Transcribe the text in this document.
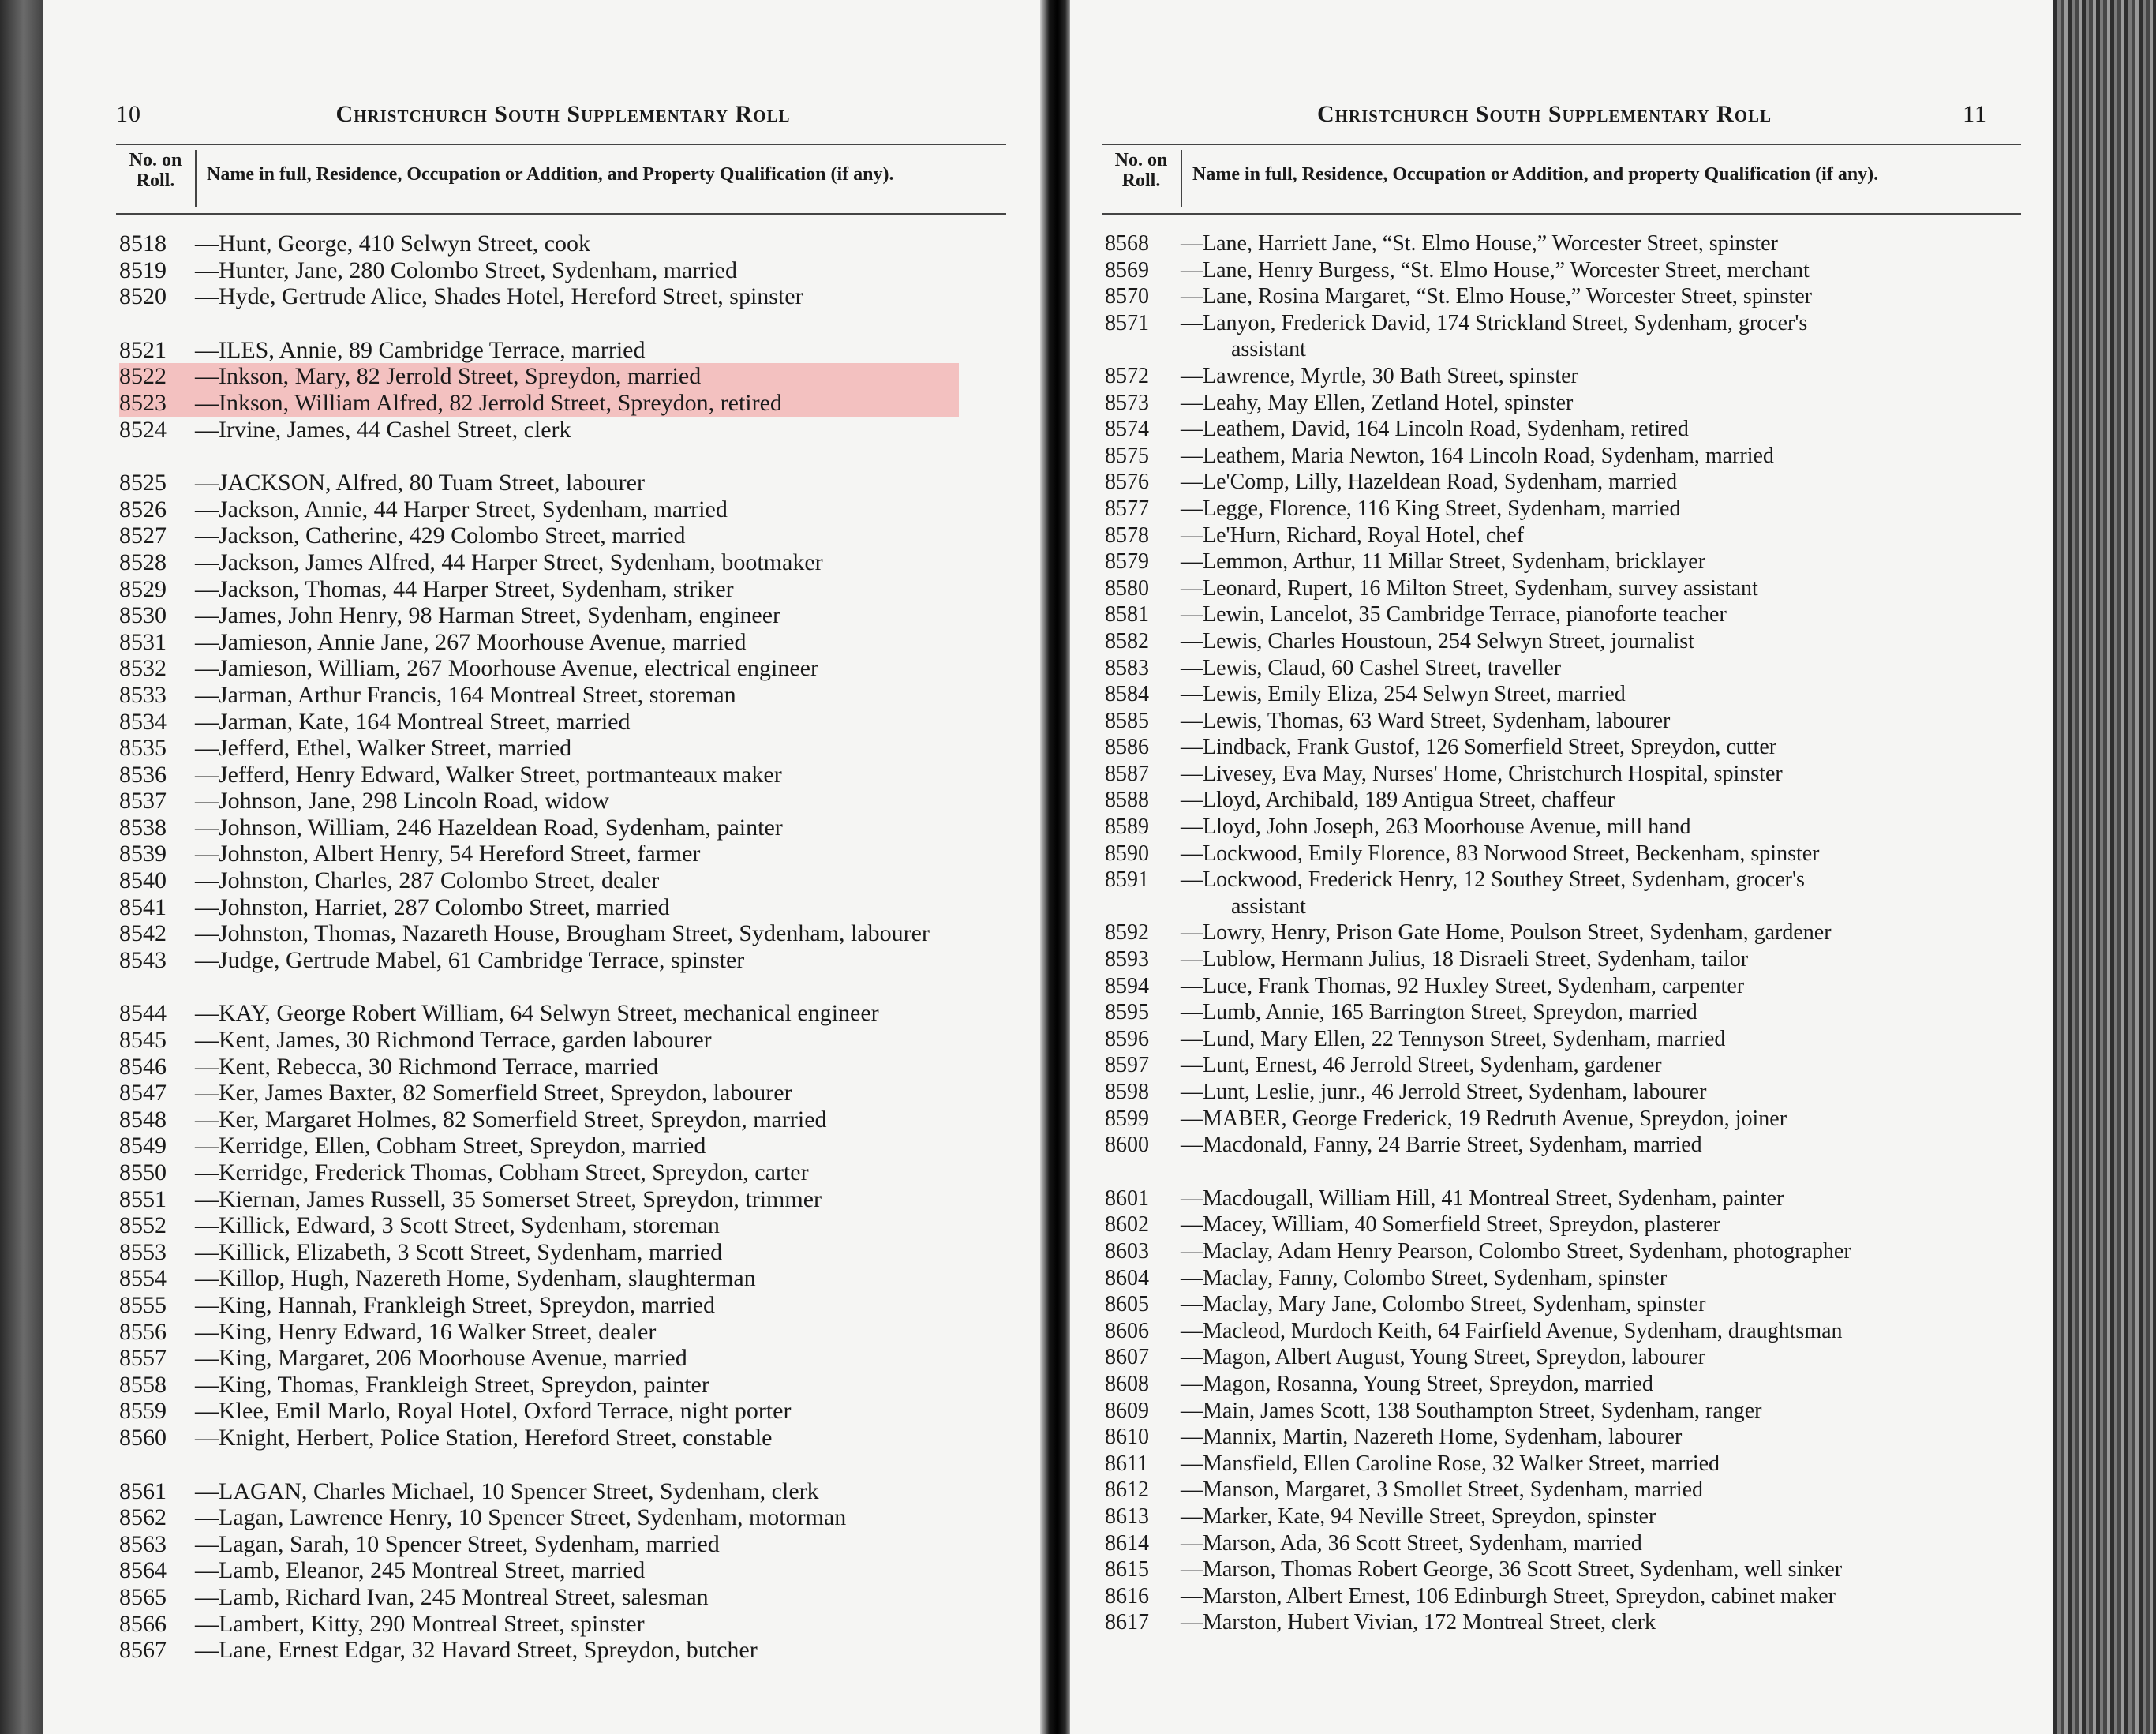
10	Christchurch South Supplementary Roll
No. on Roll.	Name in full, Residence, Occupation or Addition, and Property Qualification (if any).
8518 —Hunt, George, 410 Selwyn Street, cook
8519 —Hunter, Jane, 280 Colombo Street, Sydenham, married
8520 —Hyde, Gertrude Alice, Shades Hotel, Hereford Street, spinster
8521 —ILES, Annie, 89 Cambridge Terrace, married
8522 —Inkson, Mary, 82 Jerrold Street, Spreydon, married
8523 —Inkson, William Alfred, 82 Jerrold Street, Spreydon, retired
8524 —Irvine, James, 44 Cashel Street, clerk
8525 —JACKSON, Alfred, 80 Tuam Street, labourer
8526 —Jackson, Annie, 44 Harper Street, Sydenham, married
8527 —Jackson, Catherine, 429 Colombo Street, married
8528 —Jackson, James Alfred, 44 Harper Street, Sydenham, bootmaker
8529 —Jackson, Thomas, 44 Harper Street, Sydenham, striker
8530 —James, John Henry, 98 Harman Street, Sydenham, engineer
8531 —Jamieson, Annie Jane, 267 Moorhouse Avenue, married
8532 —Jamieson, William, 267 Moorhouse Avenue, electrical engineer
8533 —Jarman, Arthur Francis, 164 Montreal Street, storeman
8534 —Jarman, Kate, 164 Montreal Street, married
8535 —Jefferd, Ethel, Walker Street, married
8536 —Jefferd, Henry Edward, Walker Street, portmanteaux maker
8537 —Johnson, Jane, 298 Lincoln Road, widow
8538 —Johnson, William, 246 Hazeldean Road, Sydenham, painter
8539 —Johnston, Albert Henry, 54 Hereford Street, farmer
8540 —Johnston, Charles, 287 Colombo Street, dealer
8541 —Johnston, Harriet, 287 Colombo Street, married
8542 —Johnston, Thomas, Nazareth House, Brougham Street, Sydenham, labourer
8543 —Judge, Gertrude Mabel, 61 Cambridge Terrace, spinster
8544 —KAY, George Robert William, 64 Selwyn Street, mechanical engineer
8545 —Kent, James, 30 Richmond Terrace, garden labourer
8546 —Kent, Rebecca, 30 Richmond Terrace, married
8547 —Ker, James Baxter, 82 Somerfield Street, Spreydon, labourer
8548 —Ker, Margaret Holmes, 82 Somerfield Street, Spreydon, married
8549 —Kerridge, Ellen, Cobham Street, Spreydon, married
8550 —Kerridge, Frederick Thomas, Cobham Street, Spreydon, carter
8551 —Kiernan, James Russell, 35 Somerset Street, Spreydon, trimmer
8552 —Killick, Edward, 3 Scott Street, Sydenham, storeman
8553 —Killick, Elizabeth, 3 Scott Street, Sydenham, married
8554 —Killop, Hugh, Nazereth Home, Sydenham, slaughterman
8555 —King, Hannah, Frankleigh Street, Spreydon, married
8556 —King, Henry Edward, 16 Walker Street, dealer
8557 —King, Margaret, 206 Moorhouse Avenue, married
8558 —King, Thomas, Frankleigh Street, Spreydon, painter
8559 —Klee, Emil Marlo, Royal Hotel, Oxford Terrace, night porter
8560 —Knight, Herbert, Police Station, Hereford Street, constable
8561 —LAGAN, Charles Michael, 10 Spencer Street, Sydenham, clerk
8562 —Lagan, Lawrence Henry, 10 Spencer Street, Sydenham, motorman
8563 —Lagan, Sarah, 10 Spencer Street, Sydenham, married
8564 —Lamb, Eleanor, 245 Montreal Street, married
8565 —Lamb, Richard Ivan, 245 Montreal Street, salesman
8566 —Lambert, Kitty, 290 Montreal Street, spinster
8567 —Lane, Ernest Edgar, 32 Havard Street, Spreydon, butcher
Christchurch South Supplementary Roll	11
No. on Roll.	Name in full, Residence, Occupation or Addition, and property Qualification (if any).
8568 —Lane, Harriett Jane, “St. Elmo House,” Worcester Street, spinster
8569 —Lane, Henry Burgess, “St. Elmo House,” Worcester Street, merchant
8570 —Lane, Rosina Margaret, “St. Elmo House,” Worcester Street, spinster
8571 —Lanyon, Frederick David, 174 Strickland Street, Sydenham, grocer's
assistant
8572 —Lawrence, Myrtle, 30 Bath Street, spinster
8573 —Leahy, May Ellen, Zetland Hotel, spinster
8574 —Leathem, David, 164 Lincoln Road, Sydenham, retired
8575 —Leathem, Maria Newton, 164 Lincoln Road, Sydenham, married
8576 —Le'Comp, Lilly, Hazeldean Road, Sydenham, married
8577 —Legge, Florence, 116 King Street, Sydenham, married
8578 —Le'Hurn, Richard, Royal Hotel, chef
8579 —Lemmon, Arthur, 11 Millar Street, Sydenham, bricklayer
8580 —Leonard, Rupert, 16 Milton Street, Sydenham, survey assistant
8581 —Lewin, Lancelot, 35 Cambridge Terrace, pianoforte teacher
8582 —Lewis, Charles Houstoun, 254 Selwyn Street, journalist
8583 —Lewis, Claud, 60 Cashel Street, traveller
8584 —Lewis, Emily Eliza, 254 Selwyn Street, married
8585 —Lewis, Thomas, 63 Ward Street, Sydenham, labourer
8586 —Lindback, Frank Gustof, 126 Somerfield Street, Spreydon, cutter
8587 —Livesey, Eva May, Nurses' Home, Christchurch Hospital, spinster
8588 —Lloyd, Archibald, 189 Antigua Street, chaffeur
8589 —Lloyd, John Joseph, 263 Moorhouse Avenue, mill hand
8590 —Lockwood, Emily Florence, 83 Norwood Street, Beckenham, spinster
8591 —Lockwood, Frederick Henry, 12 Southey Street, Sydenham, grocer's
assistant
8592 —Lowry, Henry, Prison Gate Home, Poulson Street, Sydenham, gardener
8593 —Lublow, Hermann Julius, 18 Disraeli Street, Sydenham, tailor
8594 —Luce, Frank Thomas, 92 Huxley Street, Sydenham, carpenter
8595 —Lumb, Annie, 165 Barrington Street, Spreydon, married
8596 —Lund, Mary Ellen, 22 Tennyson Street, Sydenham, married
8597 —Lunt, Ernest, 46 Jerrold Street, Sydenham, gardener
8598 —Lunt, Leslie, junr., 46 Jerrold Street, Sydenham, labourer
8599 —MABER, George Frederick, 19 Redruth Avenue, Spreydon, joiner
8600 —Macdonald, Fanny, 24 Barrie Street, Sydenham, married
8601 —Macdougall, William Hill, 41 Montreal Street, Sydenham, painter
8602 —Macey, William, 40 Somerfield Street, Spreydon, plasterer
8603 —Maclay, Adam Henry Pearson, Colombo Street, Sydenham, photographer
8604 —Maclay, Fanny, Colombo Street, Sydenham, spinster
8605 —Maclay, Mary Jane, Colombo Street, Sydenham, spinster
8606 —Macleod, Murdoch Keith, 64 Fairfield Avenue, Sydenham, draughtsman
8607 —Magon, Albert August, Young Street, Spreydon, labourer
8608 —Magon, Rosanna, Young Street, Spreydon, married
8609 —Main, James Scott, 138 Southampton Street, Sydenham, ranger
8610 —Mannix, Martin, Nazereth Home, Sydenham, labourer
8611 —Mansfield, Ellen Caroline Rose, 32 Walker Street, married
8612 —Manson, Margaret, 3 Smollet Street, Sydenham, married
8613 —Marker, Kate, 94 Neville Street, Spreydon, spinster
8614 —Marson, Ada, 36 Scott Street, Sydenham, married
8615 —Marson, Thomas Robert George, 36 Scott Street, Sydenham, well sinker
8616 —Marston, Albert Ernest, 106 Edinburgh Street, Spreydon, cabinet maker
8617 —Marston, Hubert Vivian, 172 Montreal Street, clerk
